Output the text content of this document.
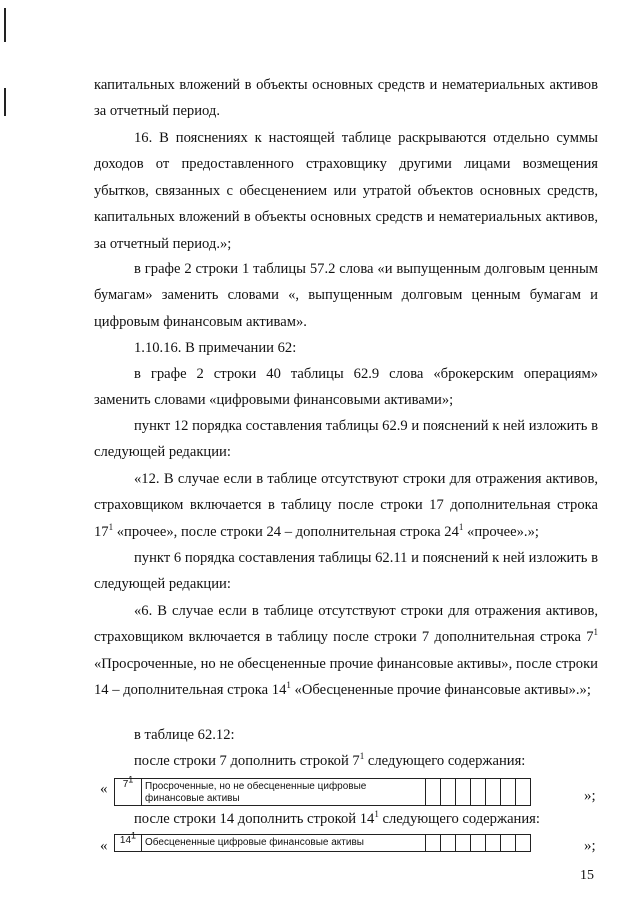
капитальных вложений в объекты основных средств и нематериальных активов за отчетный период.

16. В пояснениях к настоящей таблице раскрываются отдельно суммы доходов от предоставленного страховщику другими лицами возмещения убытков, связанных с обесценением или утратой объектов основных средств, капитальных вложений в объекты основных средств и нематериальных активов, за отчетный период.»;

в графе 2 строки 1 таблицы 57.2 слова «и выпущенным долговым ценным бумагам» заменить словами «, выпущенным долговым ценным бумагам и цифровым финансовым активам».

1.10.16. В примечании 62:

в графе 2 строки 40 таблицы 62.9 слова «брокерским операциям» заменить словами «цифровыми финансовыми активами»;

пункт 12 порядка составления таблицы 62.9 и пояснений к ней изложить в следующей редакции:

«12. В случае если в таблице отсутствуют строки для отражения активов, страховщиком включается в таблицу после строки 17 дополнительная строка $17^1$ «прочее», после строки 24 – дополнительная строка $24^1$ «прочее».»;

пункт 6 порядка составления таблицы 62.11 и пояснений к ней изложить в следующей редакции:

«6. В случае если в таблице отсутствуют строки для отражения активов, страховщиком включается в таблицу после строки 7 дополнительная строка $7^1$ «Просроченные, но не обесцененные прочие финансовые активы», после строки 14 – дополнительная строка $14^1$ «Обесцененные прочие финансовые активы».»;

в таблице 62.12:

после строки 7 дополнить строкой $7^1$ следующего содержания:

« $7^1$	Просроченные, но не обесцененные цифровые финансовые активы								»;

после строки 14 дополнить строкой $14^1$ следующего содержания:

« $14^1$	Обесцененные цифровые финансовые активы								»;
15
